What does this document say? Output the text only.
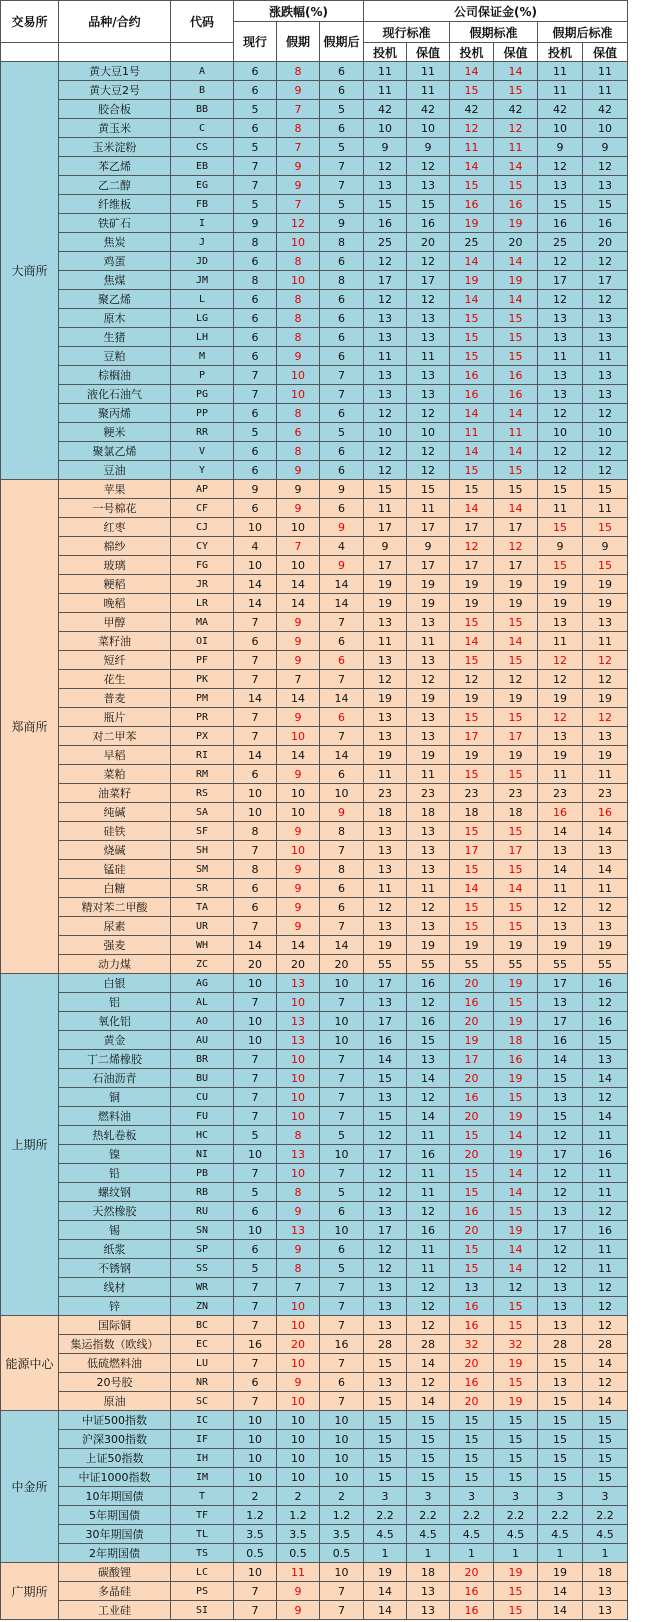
交易所	品种/合约	代码	涨跌幅(%)			公司保证金(%)					
			现行	假期	假期后	现行标准		假期标准		假期后标准	
						投机	保值	投机	保值	投机	保值
大商所	黄大豆1号	A	6	8	6	11	11	14	14	11	11
	黄大豆2号	B	6	9	6	11	11	15	15	11	11
	胶合板	BB	5	7	5	42	42	42	42	42	42
	黄玉米	C	6	8	6	10	10	12	12	10	10
	玉米淀粉	CS	5	7	5	9	9	11	11	9	9
	苯乙烯	EB	7	9	7	12	12	14	14	12	12
	乙二醇	EG	7	9	7	13	13	15	15	13	13
	纤维板	FB	5	7	5	15	15	16	16	15	15
	铁矿石	I	9	12	9	16	16	19	19	16	16
	焦炭	J	8	10	8	25	20	25	20	25	20
	鸡蛋	JD	6	8	6	12	12	14	14	12	12
	焦煤	JM	8	10	8	17	17	19	19	17	17
	聚乙烯	L	6	8	6	12	12	14	14	12	12
	原木	LG	6	8	6	13	13	15	15	13	13
	生猪	LH	6	8	6	13	13	15	15	13	13
	豆粕	M	6	9	6	11	11	15	15	11	11
	棕榈油	P	7	10	7	13	13	16	16	13	13
	液化石油气	PG	7	10	7	13	13	16	16	13	13
	聚丙烯	PP	6	8	6	12	12	14	14	12	12
	粳米	RR	5	6	5	10	10	11	11	10	10
	聚氯乙烯	V	6	8	6	12	12	14	14	12	12
	豆油	Y	6	9	6	12	12	15	15	12	12
郑商所	苹果	AP	9	9	9	15	15	15	15	15	15
	一号棉花	CF	6	9	6	11	11	14	14	11	11
	红枣	CJ	10	10	9	17	17	17	17	15	15
	棉纱	CY	4	7	4	9	9	12	12	9	9
	玻璃	FG	10	10	9	17	17	17	17	15	15
	粳稻	JR	14	14	14	19	19	19	19	19	19
	晚稻	LR	14	14	14	19	19	19	19	19	19
	甲醇	MA	7	9	7	13	13	15	15	13	13
	菜籽油	OI	6	9	6	11	11	14	14	11	11
	短纤	PF	7	9	6	13	13	15	15	12	12
	花生	PK	7	7	7	12	12	12	12	12	12
	普麦	PM	14	14	14	19	19	19	19	19	19
	瓶片	PR	7	9	6	13	13	15	15	12	12
	对二甲苯	PX	7	10	7	13	13	17	17	13	13
	早稻	RI	14	14	14	19	19	19	19	19	19
	菜粕	RM	6	9	6	11	11	15	15	11	11
	油菜籽	RS	10	10	10	23	23	23	23	23	23
	纯碱	SA	10	10	9	18	18	18	18	16	16
	硅铁	SF	8	9	8	13	13	15	15	14	14
	烧碱	SH	7	10	7	13	13	17	17	13	13
	锰硅	SM	8	9	8	13	13	15	15	14	14
	白糖	SR	6	9	6	11	11	14	14	11	11
	精对苯二甲酸	TA	6	9	6	12	12	15	15	12	12
	尿素	UR	7	9	7	13	13	15	15	13	13
	强麦	WH	14	14	14	19	19	19	19	19	19
	动力煤	ZC	20	20	20	55	55	55	55	55	55
上期所	白银	AG	10	13	10	17	16	20	19	17	16
	铝	AL	7	10	7	13	12	16	15	13	12
	氧化铝	AO	10	13	10	17	16	20	19	17	16
	黄金	AU	10	13	10	16	15	19	18	16	15
	丁二烯橡胶	BR	7	10	7	14	13	17	16	14	13
	石油沥青	BU	7	10	7	15	14	20	19	15	14
	铜	CU	7	10	7	13	12	16	15	13	12
	燃料油	FU	7	10	7	15	14	20	19	15	14
	热轧卷板	HC	5	8	5	12	11	15	14	12	11
	镍	NI	10	13	10	17	16	20	19	17	16
	铅	PB	7	10	7	12	11	15	14	12	11
	螺纹钢	RB	5	8	5	12	11	15	14	12	11
	天然橡胶	RU	6	9	6	13	12	16	15	13	12
	锡	SN	10	13	10	17	16	20	19	17	16
	纸浆	SP	6	9	6	12	11	15	14	12	11
	不锈钢	SS	5	8	5	12	11	15	14	12	11
	线材	WR	7	7	7	13	12	13	12	13	12
	锌	ZN	7	10	7	13	12	16	15	13	12
能源中心	国际铜	BC	7	10	7	13	12	16	15	13	12
	集运指数（欧线）	EC	16	20	16	28	28	32	32	28	28
	低硫燃料油	LU	7	10	7	15	14	20	19	15	14
	20号胶	NR	6	9	6	13	12	16	15	13	12
	原油	SC	7	10	7	15	14	20	19	15	14
中金所	中证500指数	IC	10	10	10	15	15	15	15	15	15
	沪深300指数	IF	10	10	10	15	15	15	15	15	15
	上证50指数	IH	10	10	10	15	15	15	15	15	15
	中证1000指数	IM	10	10	10	15	15	15	15	15	15
	10年期国债	T	2	2	2	3	3	3	3	3	3
	5年期国债	TF	1.2	1.2	1.2	2.2	2.2	2.2	2.2	2.2	2.2
	30年期国债	TL	3.5	3.5	3.5	4.5	4.5	4.5	4.5	4.5	4.5
	2年期国债	TS	0.5	0.5	0.5	1	1	1	1	1	1
广期所	碳酸锂	LC	10	11	10	19	18	20	19	19	18
	多晶硅	PS	7	9	7	14	13	16	15	14	13
	工业硅	SI	7	9	7	14	13	16	15	14	13
